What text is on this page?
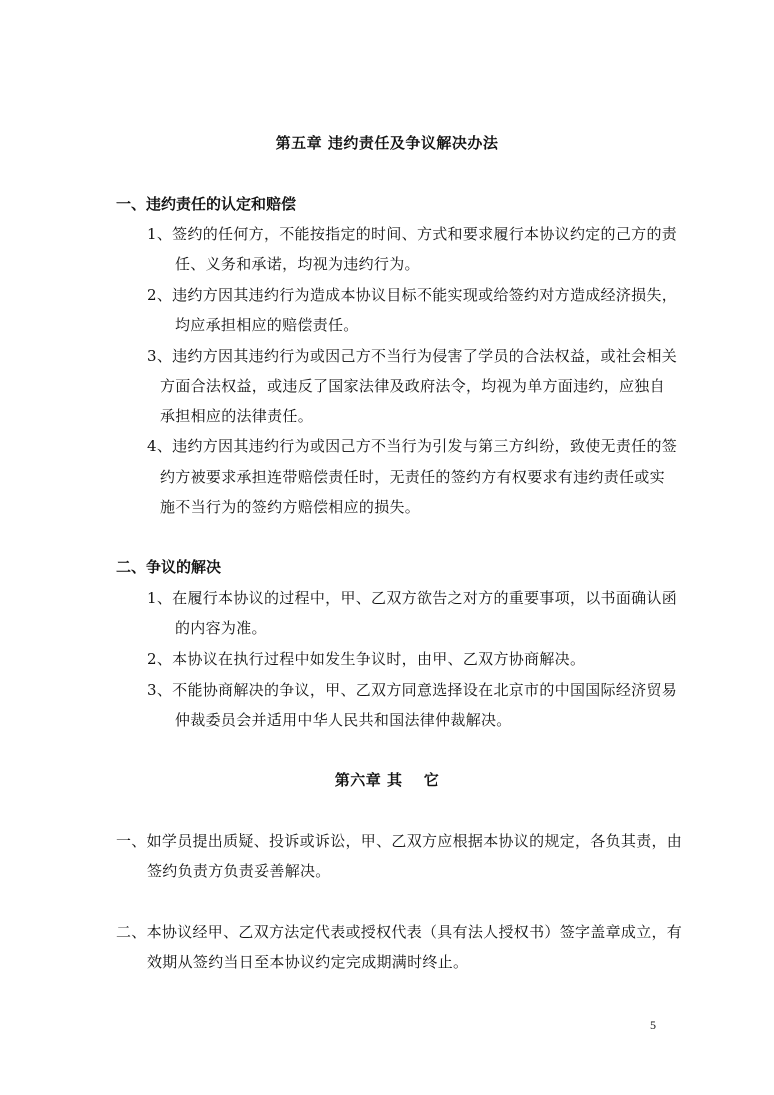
第五章 违约责任及争议解决办法
一、违约责任的认定和赔偿
1、签约的任何方，不能按指定的时间、方式和要求履行本协议约定的己方的责
任、义务和承诺，均视为违约行为。
2、违约方因其违约行为造成本协议目标不能实现或给签约对方造成经济损失，
均应承担相应的赔偿责任。
3、违约方因其违约行为或因己方不当行为侵害了学员的合法权益，或社会相关
方面合法权益，或违反了国家法律及政府法令，均视为单方面违约，应独自
承担相应的法律责任。
4、违约方因其违约行为或因己方不当行为引发与第三方纠纷，致使无责任的签
约方被要求承担连带赔偿责任时，无责任的签约方有权要求有违约责任或实
施不当行为的签约方赔偿相应的损失。
二、争议的解决
1、在履行本协议的过程中，甲、乙双方欲告之对方的重要事项，以书面确认函
的内容为准。
2、本协议在执行过程中如发生争议时，由甲、乙双方协商解决。
3、不能协商解决的争议，甲、乙双方同意选择设在北京市的中国国际经济贸易
仲裁委员会并适用中华人民共和国法律仲裁解决。
第六章 其　 它
一、如学员提出质疑、投诉或诉讼，甲、乙双方应根据本协议的规定，各负其责，由
签约负责方负责妥善解决。
二、本协议经甲、乙双方法定代表或授权代表（具有法人授权书）签字盖章成立，有
效期从签约当日至本协议约定完成期满时终止。
5
